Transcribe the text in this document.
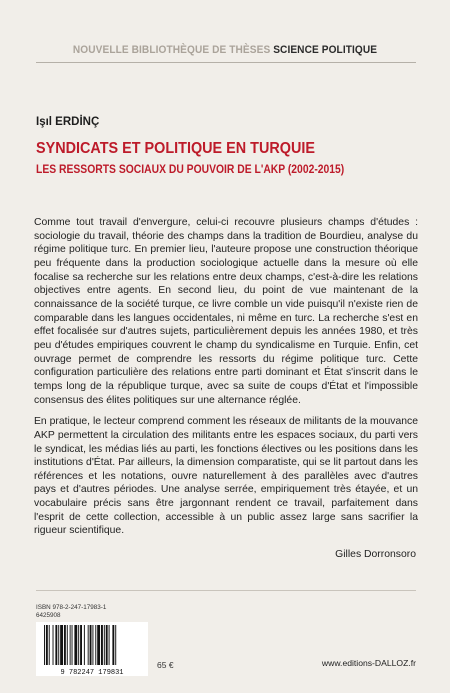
NOUVELLE BIBLIOTHÈQUE DE THÈSES SCIENCE POLITIQUE
Işıl ERDİNÇ
SYNDICATS ET POLITIQUE EN TURQUIE
LES RESSORTS SOCIAUX DU POUVOIR DE L'AKP (2002-2015)

Comme tout travail d'envergure, celui-ci recouvre plusieurs champs d'études : sociologie du travail, théorie des champs dans la tradition de Bourdieu, analyse du régime politique turc. En premier lieu, l'auteure propose une construction théorique peu fréquente dans la production sociologique actuelle dans la mesure où elle focalise sa recherche sur les relations entre deux champs, c'est-à-dire les relations objectives entre agents. En second lieu, du point de vue maintenant de la connaissance de la société turque, ce livre comble un vide puisqu'il n'existe rien de comparable dans les langues occidentales, ni même en turc. La recherche s'est en effet focalisée sur d'autres sujets, particulièrement depuis les années 1980, et très peu d'études empiriques couvrent le champ du syndicalisme en Turquie. Enfin, cet ouvrage permet de comprendre les ressorts du régime politique turc. Cette configuration particulière des relations entre parti dominant et État s'inscrit dans le temps long de la république turque, avec sa suite de coups d'État et l'impossible consensus des élites politiques sur une alternance réglée.

En pratique, le lecteur comprend comment les réseaux de militants de la mouvance AKP permettent la circulation des militants entre les espaces sociaux, du parti vers le syndicat, les médias liés au parti, les fonctions électives ou les positions dans les institutions d'État. Par ailleurs, la dimension comparatiste, qui se lit partout dans les références et les notations, ouvre naturellement à des parallèles avec d'autres pays et d'autres périodes. Une analyse serrée, empiriquement très étayée, et un vocabulaire précis sans être jargonnant rendent ce travail, parfaitement dans l'esprit de cette collection, accessible à un public assez large sans sacrifier la rigueur scientifique.

Gilles Dorronsoro
ISBN 978-2-247-17983-1
6425908
9 782247 179831
65 €	www.editions-DALLOZ.fr
